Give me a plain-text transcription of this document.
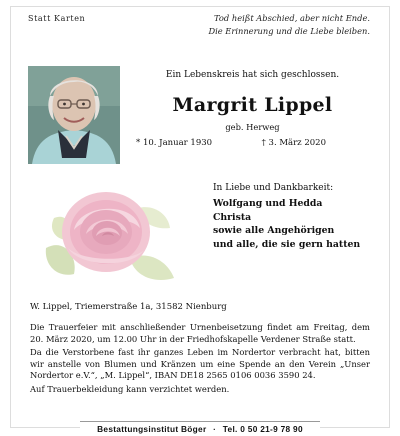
Statt Karten	Tod heißt Abschied, aber nicht Ende.
Die Erinnerung und die Liebe bleiben.
Ein Lebenskreis hat sich geschlossen.
Margrit Lippel
geb. Herweg
* 10. Januar 1930	† 3. März 2020
In Liebe und Dankbarkeit:
Wolfgang und Hedda
Christa
sowie alle Angehörigen
und alle, die sie gern hatten
W. Lippel, Triemerstraße 1a, 31582 Nienburg
Die Trauerfeier mit anschließender Urnenbeisetzung findet am Freitag, dem 20. März 2020, um 12.00 Uhr in der Friedhofskapelle Verdener Straße statt.
Da die Verstorbene fast ihr ganzes Leben im Nordertor verbracht hat, bitten wir anstelle von Blumen und Kränzen um eine Spende an den Verein „Unser Nordertor e.V.“, „M. Lippel“, IBAN DE18 2565 0106 0036 3590 24.
Auf Trauerbekleidung kann verzichtet werden.
Bestattungsinstitut Böger · Tel. 0 50 21-9 78 90
